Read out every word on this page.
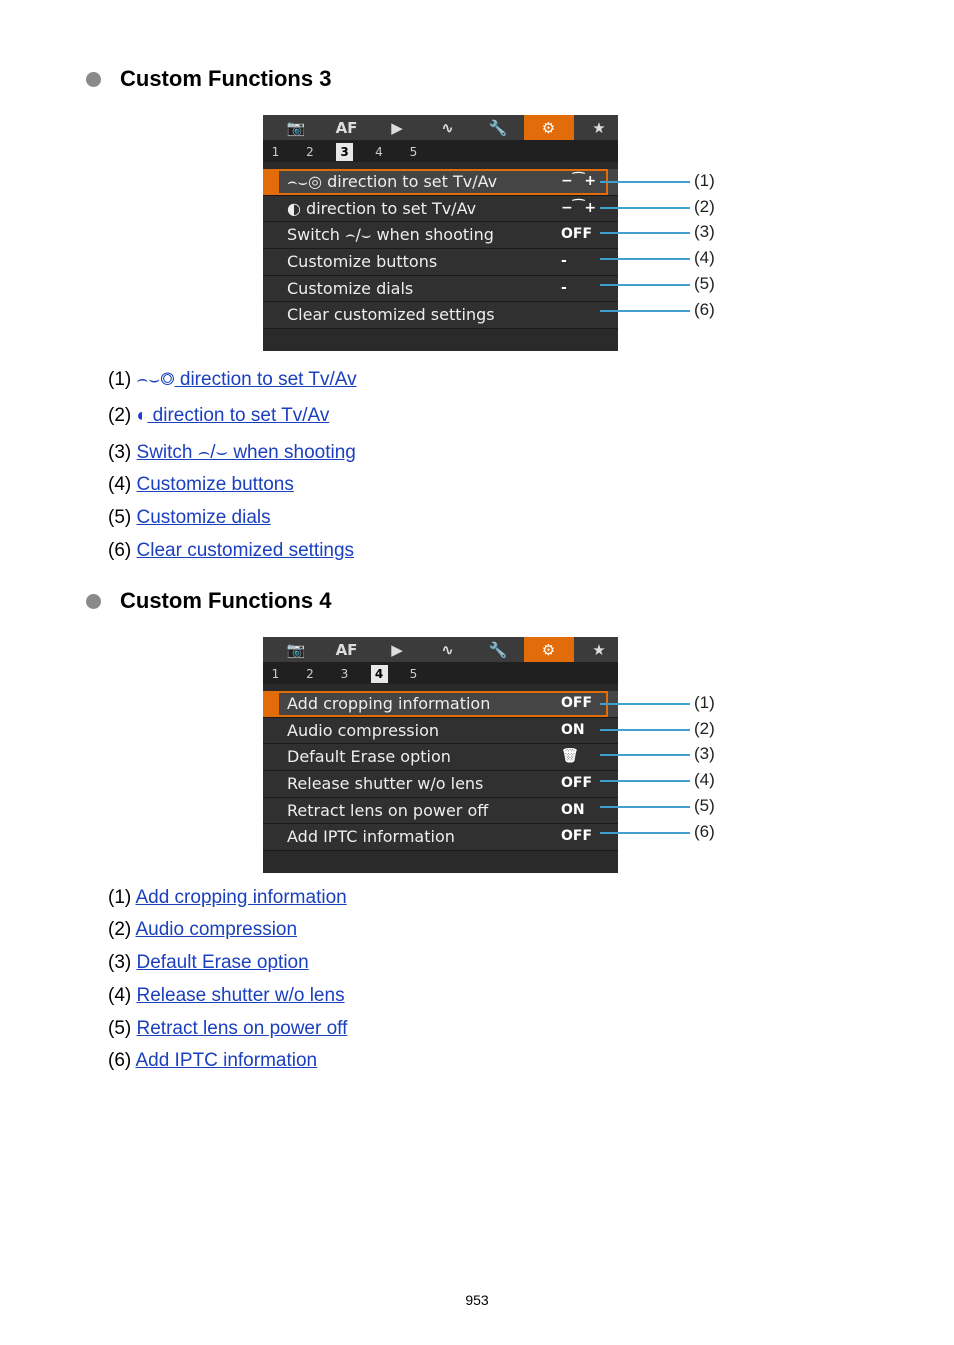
Custom Functions 3
📷	AF	▶	∿	🔧	⚙	★
1	2	3	4	5
⌢⌣◎ direction to set Tv/Av	−⁀+
◐ direction to set Tv/Av	−⁀+
Switch ⌢/⌣ when shooting	OFF
Customize buttons	-
Customize dials	-
Clear customized settings
(1)
(2)
(3)
(4)
(5)
(6)
(1) ⌢⌣◎ direction to set Tv/Av
(2) ◐ direction to set Tv/Av
(3) Switch ⌢/⌣ when shooting
(4) Customize buttons
(5) Customize dials
(6) Clear customized settings
Custom Functions 4
📷	AF	▶	∿	🔧	⚙	★
1	2	3	4	5
Add cropping information	OFF
Audio compression	ON
Default Erase option	🗑
Release shutter w/o lens	OFF
Retract lens on power off	ON
Add IPTC information	OFF
(1)
(2)
(3)
(4)
(5)
(6)
(1) Add cropping information
(2) Audio compression
(3) Default Erase option
(4) Release shutter w/o lens
(5) Retract lens on power off
(6) Add IPTC information
953
